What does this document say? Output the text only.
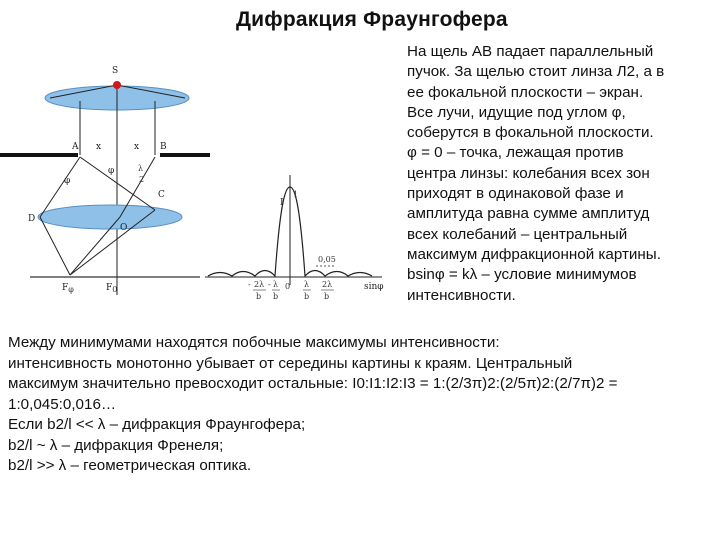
Дифракция Фраунгофера
S
A	B
x	x
φ
φ
λ
2
C
D
O
Fφ	F0
I
1
0,05
sinφ
0
- 2λ
b
- λ
b
λ
b
2λ
b
На щель АВ падает параллельный
пучок. За щелью стоит линза Л2, а в
ее фокальной плоскости – экран.
Все лучи, идущие под углом φ,
соберутся в фокальной плоскости.
φ = 0 – точка, лежащая против
центра линзы: колебания всех зон
приходят в одинаковой фазе и
амплитуда равна сумме амплитуд
всех колебаний – центральный
максимум дифракционной картины.
bsinφ = kλ – условие минимумов
интенсивности.
Между минимумами находятся побочные максимумы интенсивности:
интенсивность монотонно убывает от середины картины к краям. Центральный
максимум значительно превосходит остальные: I0:I1:I2:I3 = 1:(2/3π)2:(2/5π)2:(2/7π)2 =
1:0,045:0,016…
Если b2/l << λ – дифракция Фраунгофера;
b2/l ~ λ – дифракция Френеля;
b2/l >> λ – геометрическая оптика.
